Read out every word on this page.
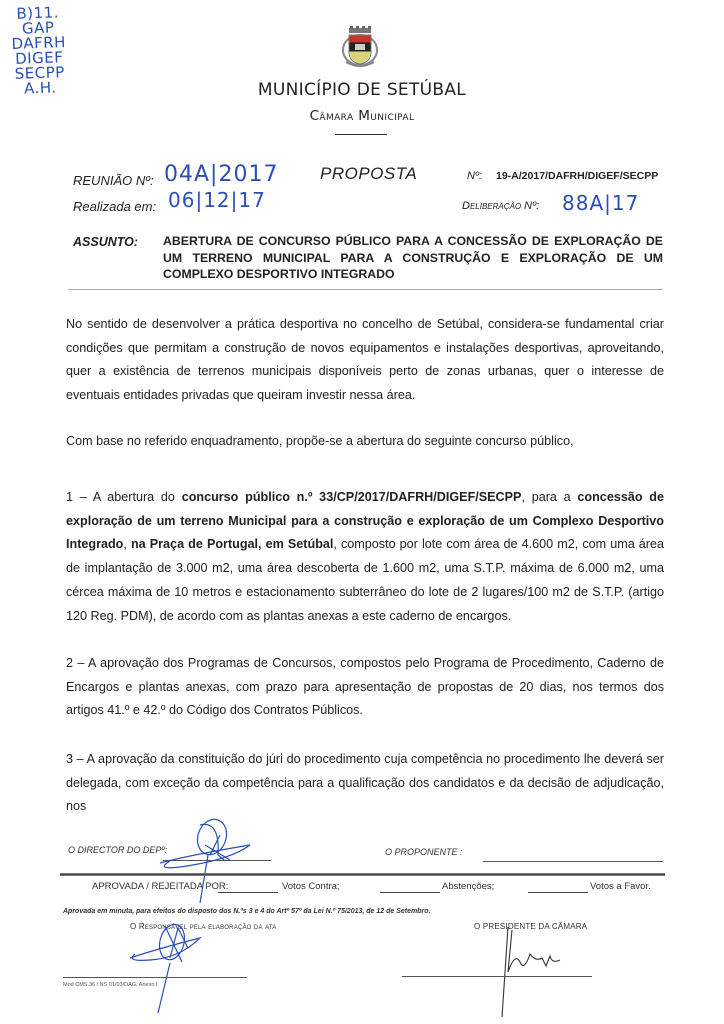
B)11.
GAP
DAFRH
DIGEF
SECPP
A.H.	MUNICÍPIO DE SETÚBAL
Câmara Municipal
REUNIÃO Nº: 04A|2017
Realizada em: 06|12|17
PROPOSTA	Nº: 19-A/2017/DAFRH/DIGEF/SECPP
Deliberação Nº: 88A|17
ASSUNTO: ABERTURA DE CONCURSO PÚBLICO PARA A CONCESSÃO DE EXPLORAÇÃO DE UM TERRENO MUNICIPAL PARA A CONSTRUÇÃO E EXPLORAÇÃO DE UM COMPLEXO DESPORTIVO INTEGRADO

No sentido de desenvolver a prática desportiva no concelho de Setúbal, considera-se fundamental criar condições que permitam a construção de novos equipamentos e instalações desportivas, aproveitando, quer a existência de terrenos municipais disponíveis perto de zonas urbanas, quer o interesse de eventuais entidades privadas que queiram investir nessa área.

Com base no referido enquadramento, propõe-se a abertura do seguinte concurso público,

1 – A abertura do concurso público n.º 33/CP/2017/DAFRH/DIGEF/SECPP, para a concessão de exploração de um terreno Municipal para a construção e exploração de um Complexo Desportivo Integrado, na Praça de Portugal, em Setúbal, composto por lote com área de 4.600 m2, com uma área de implantação de 3.000 m2, uma área descoberta de 1.600 m2, uma S.T.P. máxima de 6.000 m2, uma cércea máxima de 10 metros e estacionamento subterrâneo do lote de 2 lugares/100 m2 de S.T.P. (artigo 120 Reg. PDM), de acordo com as plantas anexas a este caderno de encargos.

2 – A aprovação dos Programas de Concursos, compostos pelo Programa de Procedimento, Caderno de Encargos e plantas anexas, com prazo para apresentação de propostas de 20 dias, nos termos dos artigos 41.º e 42.º do Código dos Contratos Públicos.

3 – A aprovação da constituição do júri do procedimento cuja competência no procedimento lhe deverá ser delegada, com exceção da competência para a qualificação dos candidatos e da decisão de adjudicação, nos

O DIRECTOR DO DEPº:	O PROPONENTE :
APROVADA / REJEITADA POR:	Votos Contra;	Abstenções;	Votos a Favor.
Aprovada em minuta, para efeitos do disposto dos N.ºs 3 e 4 do Artº 57º da Lei N.º 75/2013, de 12 de Setembro.
O Responsável pela elaboração da ata	O PRESIDENTE DA CÂMARA
Mod CMS.36 / NS 01/03/DAG, Anexo I
